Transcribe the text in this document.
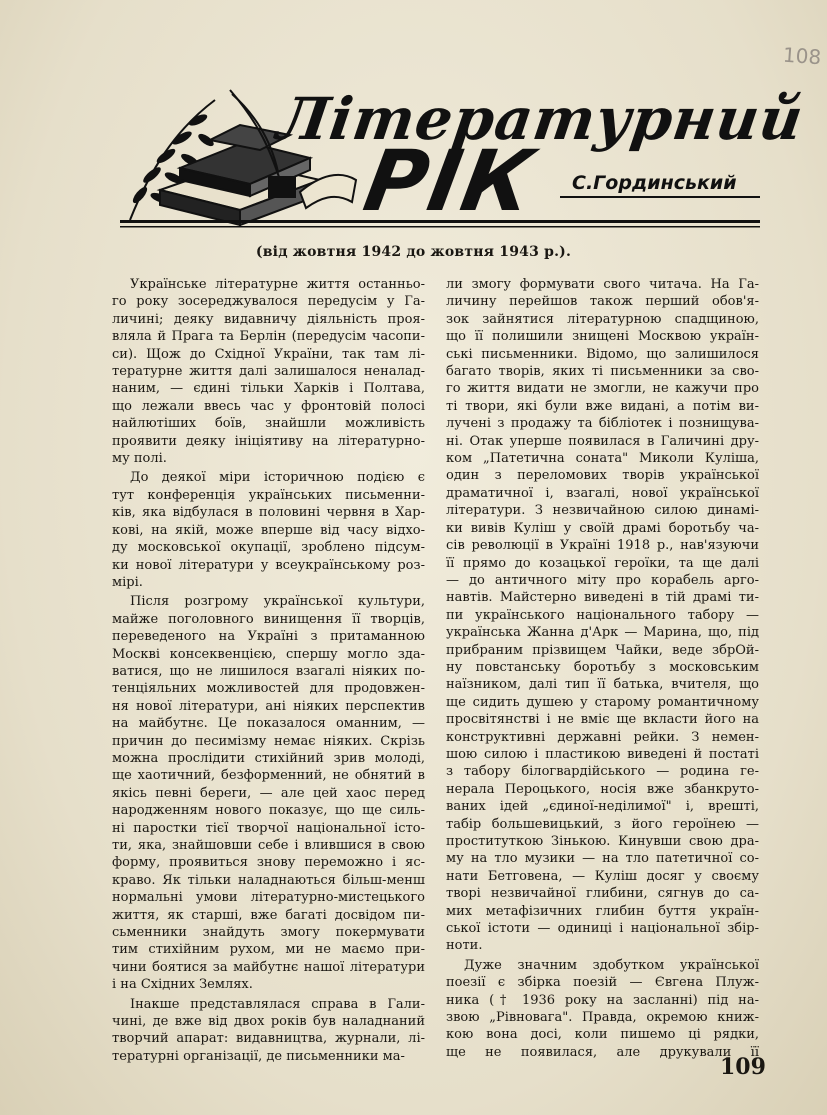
108
Літературний
РІК С.Гординський
(від жовтня 1942 до жовтня 1943 р.).
Українське літературне життя останньо-
го року зосереджувалося передусім у Га-
личині; деяку видавничу діяльність проя-
вляла й Прага та Берлін (передусім часопи-
си). Щож до Східної України, так там лі-
тературне життя далі залишалося неналад-
наним, — єдині тільки Харків і Полтава,
що лежали ввесь час у фронтовій полосі
найлютіших боїв, знайшли можливість
проявити деяку ініціятиву на літературно-
му полі.
До деякої міри історичною подією є
тут конференція українських письменни-
ків, яка відбулася в половині червня в Хар-
кові, на якій, може вперше від часу відхо-
ду московської окупації, зроблено підсум-
ки нової літератури у всеукраїнському роз-
мірі.
Після розгрому української культури,
майже поголовного винищення її творців,
переведеного на Україні з притаманною
Москві консеквенцією, спершу могло зда-
ватися, що не лишилося взагалі ніяких по-
тенціяльних можливостей для продовжен-
ня нової літератури, ані ніяких перспектив
на майбутнє. Це показалося оманним, —
причин до песимізму немає ніяких. Скрізь
можна прослідити стихійний зрив молоді,
ще хаотичний, безформенний, не обнятий в
якісь певні береги, — але цей хаос перед
народженням нового показує, що ще силь-
ні паростки тієї творчої національної істо-
ти, яка, знайшовши себе і влившися в свою
форму, проявиться знову переможно і яс-
краво. Як тільки наладнаються більш-менш
нормальні умови літературно-мистецького
життя, як старші, вже багаті досвідом пи-
сьменники знайдуть змогу покермувати
тим стихійним рухом, ми не маємо при-
чини боятися за майбутнє нашої літератури
і на Східних Землях.
Інакше представлялася справа в Гали-
чині, де вже від двох років був наладнаний
творчий апарат: видавництва, журнали, лі-
тературні організації, де письменники ма-
ли змогу формувати свого читача. На Га-
личину перейшов також перший обов'я-
зок зайнятися літературною спадщиною,
що її полишили знищені Москвою україн-
ські письменники. Відомо, що залишилося
багато творів, яких ті письменники за сво-
го життя видати не змогли, не кажучи про
ті твори, які були вже видані, а потім ви-
лучені з продажу та бібліотек і познищува-
ні. Отак уперше появилася в Галичині дру-
ком „Патетична соната" Миколи Куліша,
один з переломових творів української
драматичної і, взагалі, нової української
літератури. З незвичайною силою динамі-
ки вивів Куліш у своїй драмі боротьбу ча-
сів революції в Україні 1918 р., нав'язуючи
її прямо до козацької героїки, та ще далі
— до античного міту про корабель арго-
навтів. Майстерно виведені в тій драмі ти-
пи українського національного табору —
українська Жанна д'Арк — Марина, що, під
прибраним прізвищем Чайки, веде збрОй-
ну повстанську боротьбу з московським
наїзником, далі тип її батька, вчителя, що
ще сидить душею у старому романтичному
просвітянстві і не вміє ще вкласти його на
конструктивні державні рейки. З немен-
шою силою і пластикою виведені й постаті
з табору білогвардійського — родина ге-
нерала Пероцького, носія вже збанкруто-
ваних ідей „єдиної-неділимої" і, врешті,
табір большевицький, з його героїнею —
проституткою Зінькою. Кинувши свою дра-
му на тло музики — на тло патетичної со-
нати Бетговена, — Куліш досяг у своєму
творі незвичайної глибини, сягнув до са-
мих метафізичних глибин буття україн-
ської істоти — одиниці і національної збір-
ноти.
Дуже значним здобутком української
поезії є збірка поезій — Євгена Плуж-
ника († 1936 року на засланні) під на-
звою „Рівновага". Правда, окремою книж-
кою вона досі, коли пишемо ці рядки,
ще не появилася, але друкували її
109
